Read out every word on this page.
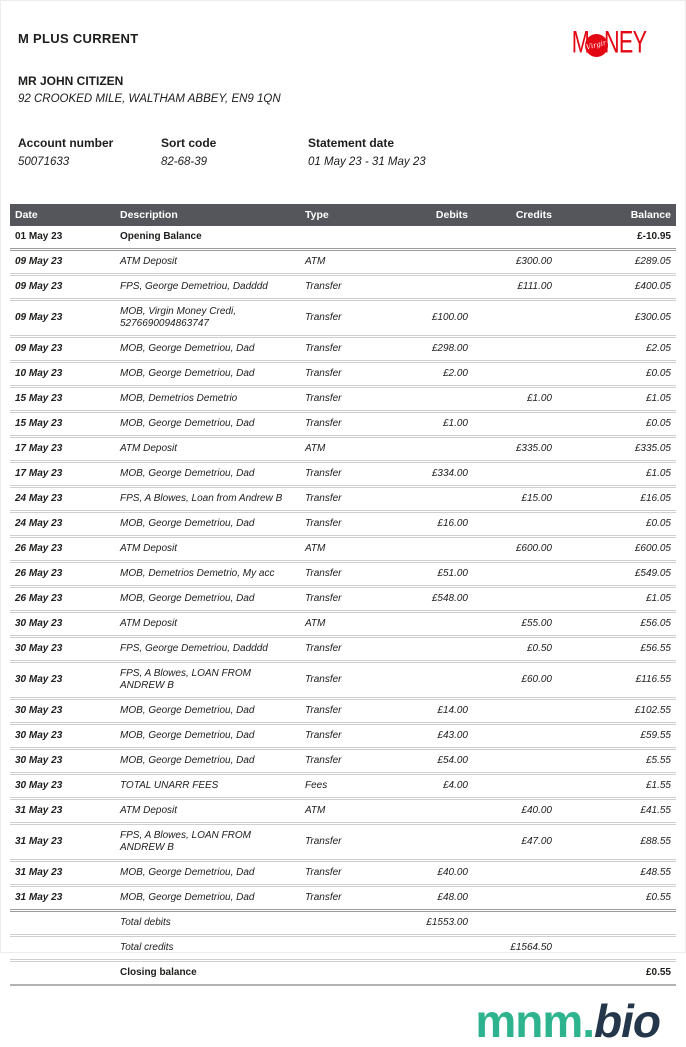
M PLUS CURRENT	M
Virgin
NEY
MR JOHN CITIZEN
92 CROOKED MILE, WALTHAM ABBEY, EN9 1QN
Account number
50071633
Sort code
82-68-39
Statement date
01 May 23 - 31 May 23
Date	Description	Type	Debits	Credits	Balance
01 May 23	Opening Balance				£-10.95
09 May 23	ATM Deposit	ATM		£300.00	£289.05
09 May 23	FPS, George Demetriou, Dadddd	Transfer		£111.00	£400.05
09 May 23	MOB, Virgin Money Credi, 5276690094863747	Transfer	£100.00		£300.05
09 May 23	MOB, George Demetriou, Dad	Transfer	£298.00		£2.05
10 May 23	MOB, George Demetriou, Dad	Transfer	£2.00		£0.05
15 May 23	MOB, Demetrios Demetrio	Transfer		£1.00	£1.05
15 May 23	MOB, George Demetriou, Dad	Transfer	£1.00		£0.05
17 May 23	ATM Deposit	ATM		£335.00	£335.05
17 May 23	MOB, George Demetriou, Dad	Transfer	£334.00		£1.05
24 May 23	FPS, A Blowes, Loan from Andrew B	Transfer		£15.00	£16.05
24 May 23	MOB, George Demetriou, Dad	Transfer	£16.00		£0.05
26 May 23	ATM Deposit	ATM		£600.00	£600.05
26 May 23	MOB, Demetrios Demetrio, My acc	Transfer	£51.00		£549.05
26 May 23	MOB, George Demetriou, Dad	Transfer	£548.00		£1.05
30 May 23	ATM Deposit	ATM		£55.00	£56.05
30 May 23	FPS, George Demetriou, Dadddd	Transfer		£0.50	£56.55
30 May 23	FPS, A Blowes, LOAN FROM ANDREW B	Transfer		£60.00	£116.55
30 May 23	MOB, George Demetriou, Dad	Transfer	£14.00		£102.55
30 May 23	MOB, George Demetriou, Dad	Transfer	£43.00		£59.55
30 May 23	MOB, George Demetriou, Dad	Transfer	£54.00		£5.55
30 May 23	TOTAL UNARR FEES	Fees	£4.00		£1.55
31 May 23	ATM Deposit	ATM		£40.00	£41.55
31 May 23	FPS, A Blowes, LOAN FROM ANDREW B	Transfer		£47.00	£88.55
31 May 23	MOB, George Demetriou, Dad	Transfer	£40.00		£48.55
31 May 23	MOB, George Demetriou, Dad	Transfer	£48.00		£0.55
	Total debits		£1553.00		
	Total credits			£1564.50	
	Closing balance				£0.55
mnm.bio
